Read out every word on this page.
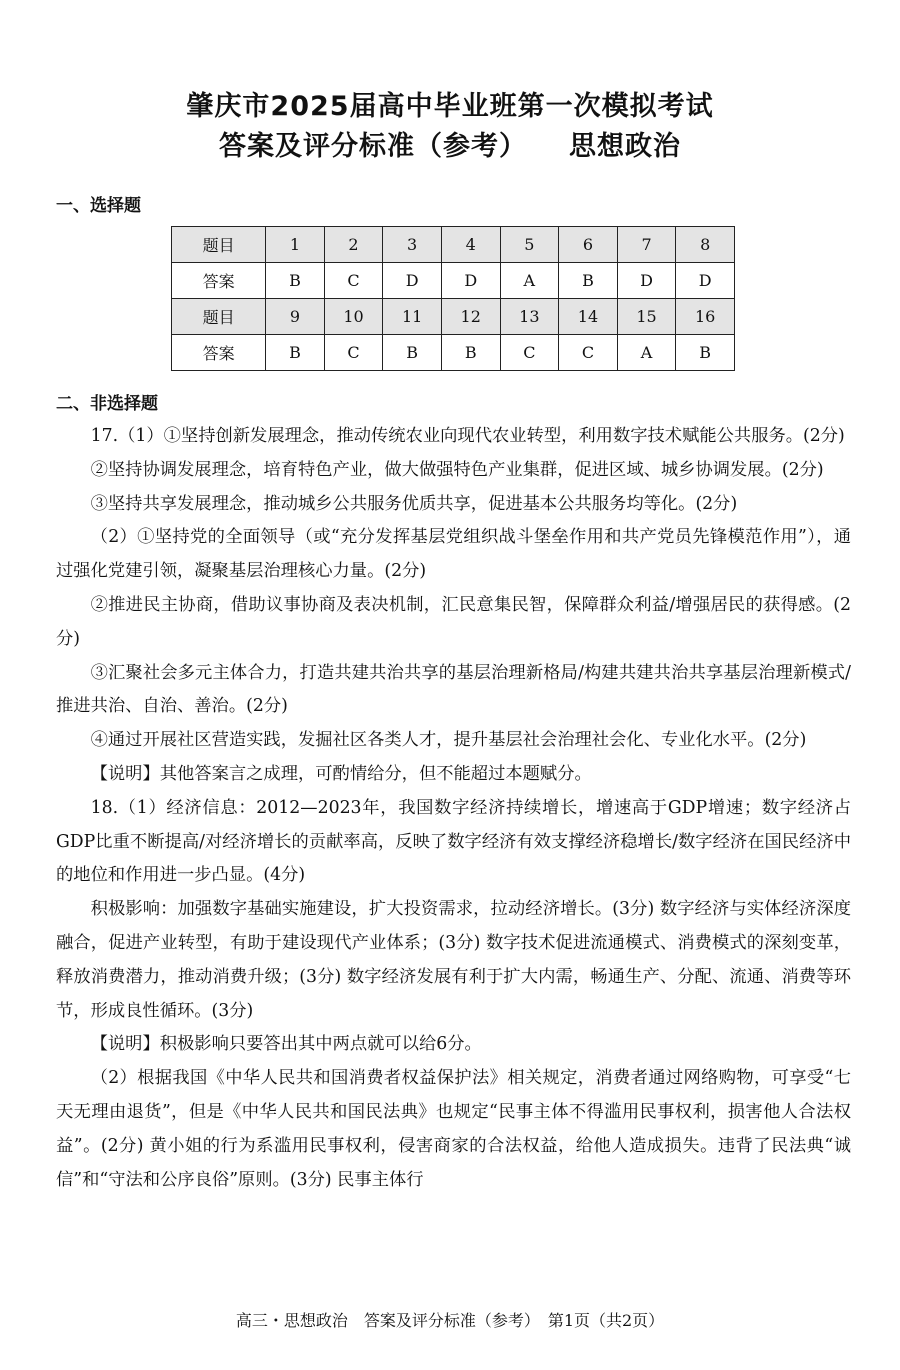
肇庆市2025届高中毕业班第一次模拟考试
答案及评分标准（参考） 思想政治
一、选择题
题目	1	2	3	4	5	6	7	8
答案	B	C	D	D	A	B	D	D
题目	9	10	11	12	13	14	15	16
答案	B	C	B	B	C	C	A	B
二、非选择题

17.（1）①坚持创新发展理念，推动传统农业向现代农业转型，利用数字技术赋能公共服务。(2分)

②坚持协调发展理念，培育特色产业，做大做强特色产业集群，促进区域、城乡协调发展。(2分)

③坚持共享发展理念，推动城乡公共服务优质共享，促进基本公共服务均等化。(2分)

（2）①坚持党的全面领导（或“充分发挥基层党组织战斗堡垒作用和共产党员先锋模范作用”），通过强化党建引领，凝聚基层治理核心力量。(2分)

②推进民主协商，借助议事协商及表决机制，汇民意集民智，保障群众利益/增强居民的获得感。(2分)

③汇聚社会多元主体合力，打造共建共治共享的基层治理新格局/构建共建共治共享基层治理新模式/推进共治、自治、善治。(2分)

④通过开展社区营造实践，发掘社区各类人才，提升基层社会治理社会化、专业化水平。(2分)

【说明】其他答案言之成理，可酌情给分，但不能超过本题赋分。

18.（1）经济信息：2012—2023年，我国数字经济持续增长，增速高于GDP增速；数字经济占GDP比重不断提高/对经济增长的贡献率高，反映了数字经济有效支撑经济稳增长/数字经济在国民经济中的地位和作用进一步凸显。(4分)

积极影响：加强数字基础实施建设，扩大投资需求，拉动经济增长。(3分) 数字经济与实体经济深度融合，促进产业转型，有助于建设现代产业体系；(3分) 数字技术促进流通模式、消费模式的深刻变革，释放消费潜力，推动消费升级；(3分) 数字经济发展有利于扩大内需，畅通生产、分配、流通、消费等环节，形成良性循环。(3分)

【说明】积极影响只要答出其中两点就可以给6分。

（2）根据我国《中华人民共和国消费者权益保护法》相关规定，消费者通过网络购物，可享受“七天无理由退货”，但是《中华人民共和国民法典》也规定“民事主体不得滥用民事权利，损害他人合法权益”。(2分) 黄小姐的行为系滥用民事权利，侵害商家的合法权益，给他人造成损失。违背了民法典“诚信”和“守法和公序良俗”原则。(3分) 民事主体行

高三・思想政治　答案及评分标准（参考）　第1页（共2页）
